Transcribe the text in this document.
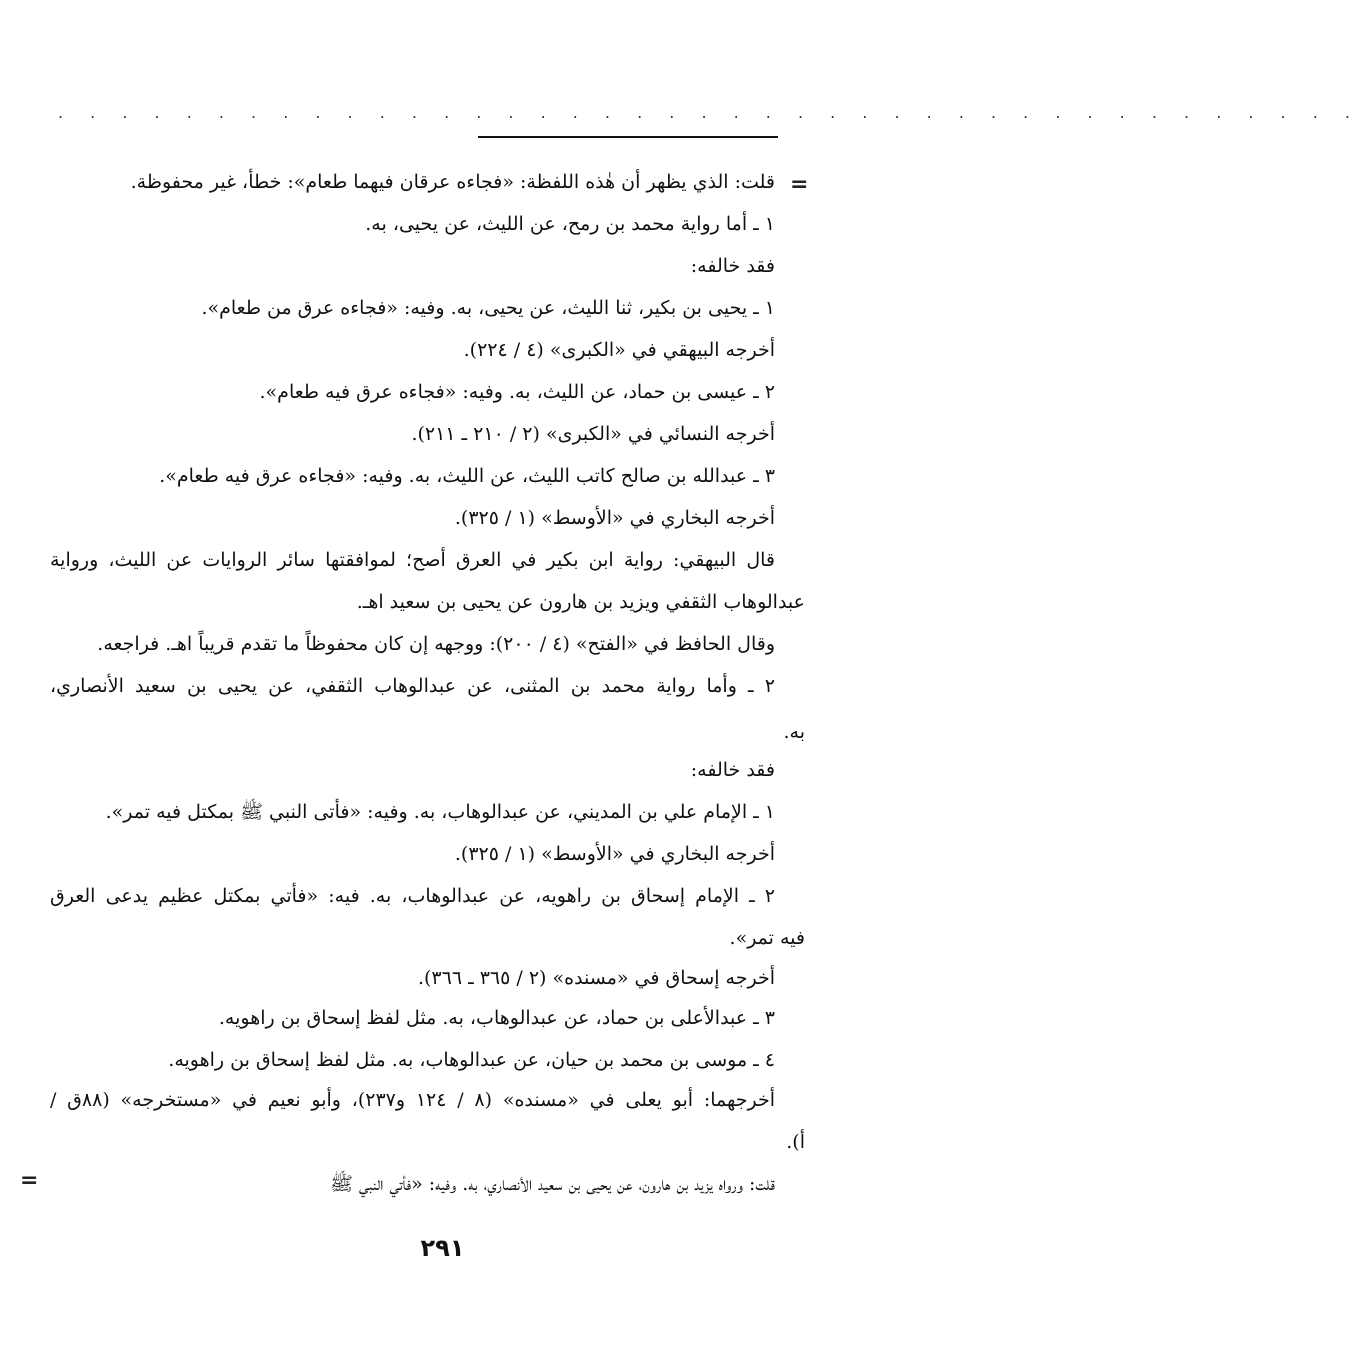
. . . . . . . . . . . . . . . . . . . . . . . . . . . . . . . . . . . . . . . . .
=
=
قلت: الذي يظهر أن هٰذه اللفظة: «فجاءه عرقان فيهما طعام»: خطأ، غير محفوظة.
١ ـ أما رواية محمد بن رمح، عن الليث، عن يحيى، به.
فقد خالفه:
١ ـ يحيى بن بكير، ثنا الليث، عن يحيى، به. وفيه: «فجاءه عرق من طعام».
أخرجه البيهقي في «الكبرى» (٤ / ٢٢٤).
٢ ـ عيسى بن حماد، عن الليث، به. وفيه: «فجاءه عرق فيه طعام».
أخرجه النسائي في «الكبرى» (٢ / ٢١٠ ـ ٢١١).
٣ ـ عبدالله بن صالح كاتب الليث، عن الليث، به. وفيه: «فجاءه عرق فيه طعام».
أخرجه البخاري في «الأوسط» (١ / ٣٢٥).
قال البيهقي: رواية ابن بكير في العرق أصح؛ لموافقتها سائر الروايات عن الليث، ورواية
عبدالوهاب الثقفي ويزيد بن هارون عن يحيى بن سعيد اهـ.
وقال الحافظ في «الفتح» (٤ / ٢٠٠): ووجهه إن كان محفوظاً ما تقدم قريباً اهـ. فراجعه.
٢ ـ وأما رواية محمد بن المثنى، عن عبدالوهاب الثقفي، عن يحيى بن سعيد الأنصاري،
به.
فقد خالفه:
١ ـ الإمام علي بن المديني، عن عبدالوهاب، به. وفيه: «فأتى النبي ﷺ بمكتل فيه تمر».
أخرجه البخاري في «الأوسط» (١ / ٣٢٥).
٢ ـ الإمام إسحاق بن راهويه، عن عبدالوهاب، به. فيه: «فأتي بمكتل عظيم يدعى العرق
فيه تمر».
أخرجه إسحاق في «مسنده» (٢ / ٣٦٥ ـ ٣٦٦).
٣ ـ عبدالأعلى بن حماد، عن عبدالوهاب، به. مثل لفظ إسحاق بن راهويه.
٤ ـ موسى بن محمد بن حيان، عن عبدالوهاب، به. مثل لفظ إسحاق بن راهويه.
أخرجهما: أبو يعلى في «مسنده» (٨ / ١٢٤ و٢٣٧)، وأبو نعيم في «مستخرجه» (٨٨ق /
أ).
قلت: ورواه يزيد بن هارون، عن يحيى بن سعيد الأنصاري، به. وفيه: «فأتي النبي ﷺ
٢٩١
